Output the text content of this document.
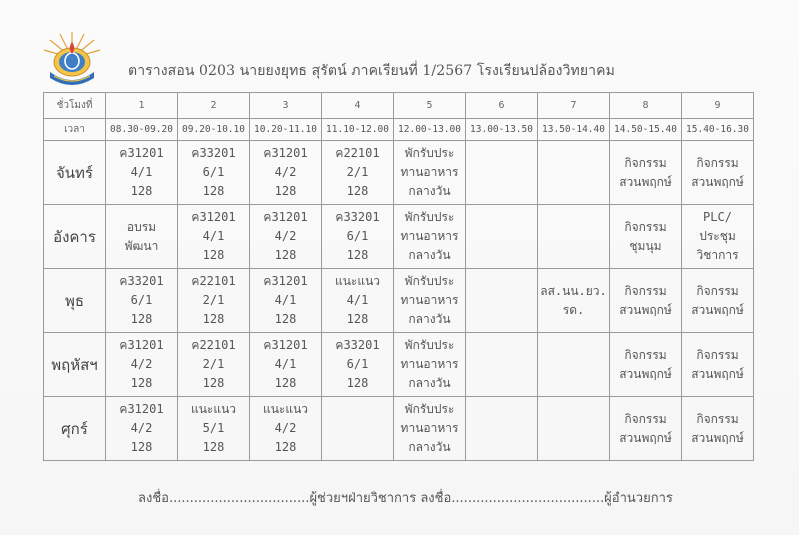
ตารางสอน 0203 นายยงยุทธ สุรัตน์ ภาคเรียนที่ 1/2567 โรงเรียนปล้องวิทยาคม
ชั่วโมงที่	1	2	3	4	5	6	7	8	9
เวลา	08.30-09.20	09.20-10.10	10.20-11.10	11.10-12.00	12.00-13.00	13.00-13.50	13.50-14.40	14.50-15.40	15.40-16.30
จันทร์	ค31201
4/1
128	ค33201
6/1
128	ค31201
4/2
128	ค22101
2/1
128	พักรับประ
ทานอาหาร
กลางวัน			กิจกรรม
สวนพฤกษ์	กิจกรรม
สวนพฤกษ์

อังคาร	อบรม
พัฒนา	ค31201
4/1
128	ค31201
4/2
128	ค33201
6/1
128	พักรับประ
ทานอาหาร
กลางวัน			กิจกรรม
ชุมนุม	PLC/
ประชุม
วิชาการ

พุธ	ค33201
6/1
128	ค22101
2/1
128	ค31201
4/1
128	แนะแนว
4/1
128	พักรับประ
ทานอาหาร
กลางวัน		ลส.นน.ยว.
รด.	กิจกรรม
สวนพฤกษ์	กิจกรรม
สวนพฤกษ์

พฤหัสฯ	ค31201
4/2
128	ค22101
2/1
128	ค31201
4/1
128	ค33201
6/1
128	พักรับประ
ทานอาหาร
กลางวัน			กิจกรรม
สวนพฤกษ์	กิจกรรม
สวนพฤกษ์

ศุกร์	ค31201
4/2
128	แนะแนว
5/1
128	แนะแนว
4/2
128		พักรับประ
ทานอาหาร
กลางวัน			กิจกรรม
สวนพฤกษ์	กิจกรรม
สวนพฤกษ์
ลงชื่อ..................................ผู้ช่วยฯฝ่ายวิชาการ ลงชื่อ.....................................ผู้อำนวยการ
